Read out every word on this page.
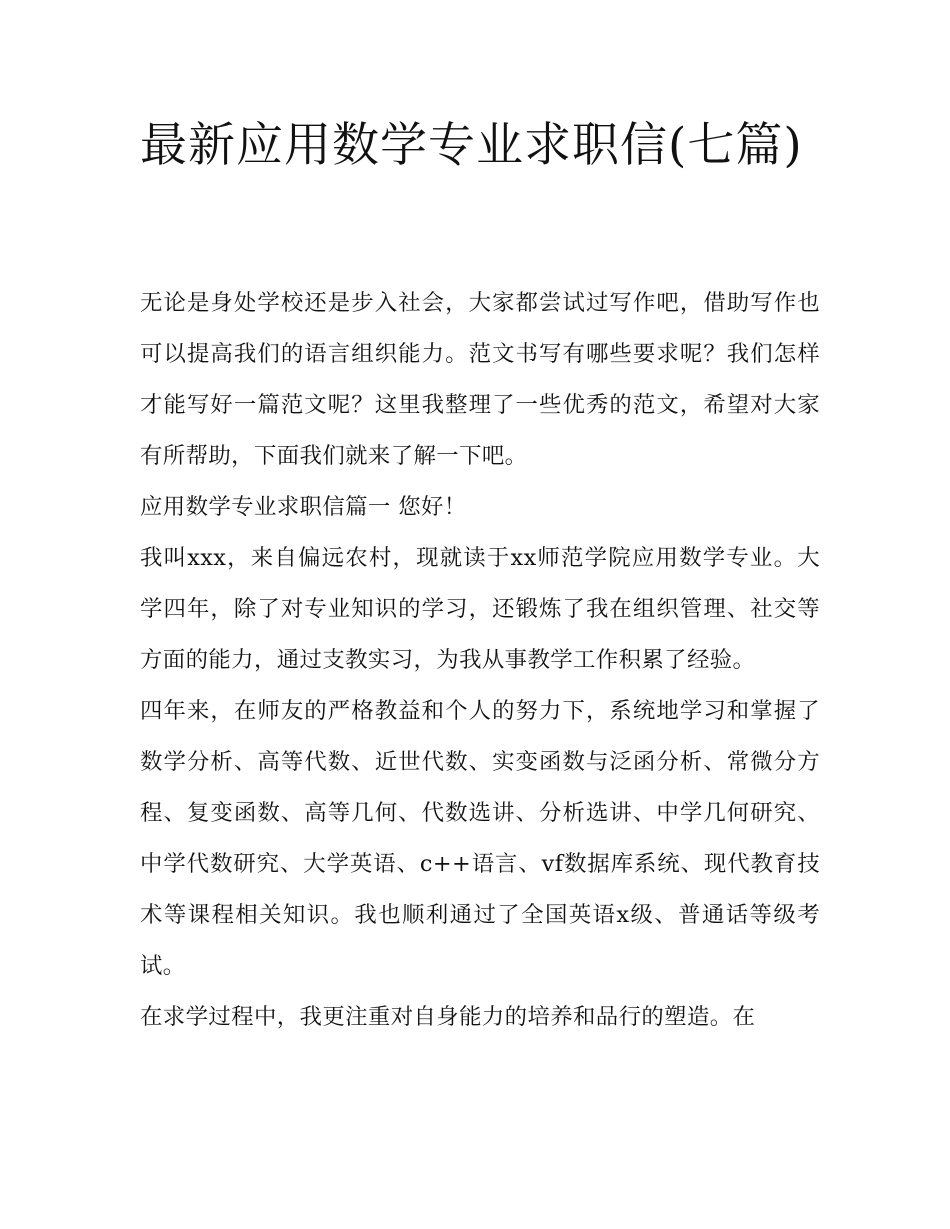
最新应用数学专业求职信(七篇)

无论是身处学校还是步入社会，大家都尝试过写作吧，借助写作也可以提高我们的语言组织能力。范文书写有哪些要求呢？我们怎样才能写好一篇范文呢？这里我整理了一些优秀的范文，希望对大家有所帮助，下面我们就来了解一下吧。

应用数学专业求职信篇一 您好！

我叫xxx，来自偏远农村，现就读于xx师范学院应用数学专业。大学四年，除了对专业知识的学习，还锻炼了我在组织管理、社交等方面的能力，通过支教实习，为我从事教学工作积累了经验。

四年来，在师友的严格教益和个人的努力下，系统地学习和掌握了数学分析、高等代数、近世代数、实变函数与泛函分析、常微分方程、复变函数、高等几何、代数选讲、分析选讲、中学几何研究、中学代数研究、大学英语、c++语言、vf数据库系统、现代教育技术等课程相关知识。我也顺利通过了全国英语x级、普通话等级考试。

在求学过程中，我更注重对自身能力的培养和品行的塑造。在
